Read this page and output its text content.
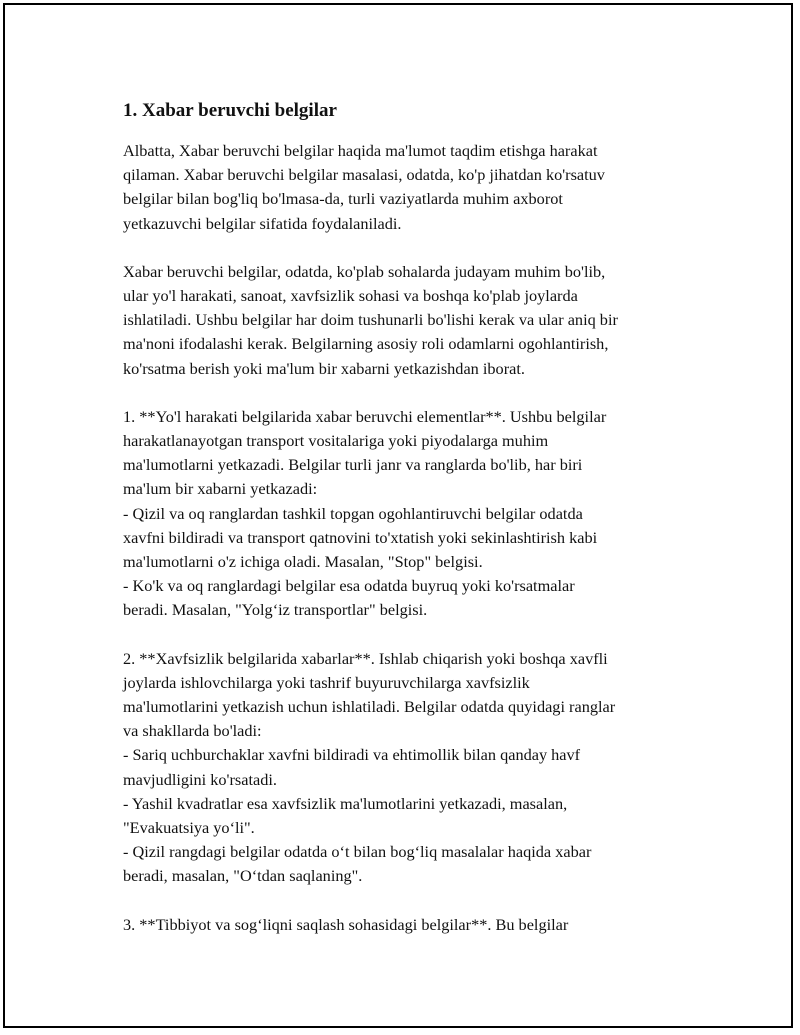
1. Xabar beruvchi belgilar

Albatta, Xabar beruvchi belgilar haqida ma'lumot taqdim etishga harakat
qilaman. Xabar beruvchi belgilar masalasi, odatda, ko'p jihatdan ko'rsatuv
belgilar bilan bog'liq bo'lmasa-da, turli vaziyatlarda muhim axborot
yetkazuvchi belgilar sifatida foydalaniladi.

Xabar beruvchi belgilar, odatda, ko'plab sohalarda judayam muhim bo'lib,
ular yo'l harakati, sanoat, xavfsizlik sohasi va boshqa ko'plab joylarda
ishlatiladi. Ushbu belgilar har doim tushunarli bo'lishi kerak va ular aniq bir
ma'noni ifodalashi kerak. Belgilarning asosiy roli odamlarni ogohlantirish,
ko'rsatma berish yoki ma'lum bir xabarni yetkazishdan iborat.

1. **Yo'l harakati belgilarida xabar beruvchi elementlar**. Ushbu belgilar
harakatlanayotgan transport vositalariga yoki piyodalarga muhim
ma'lumotlarni yetkazadi. Belgilar turli janr va ranglarda bo'lib, har biri
ma'lum bir xabarni yetkazadi:
- Qizil va oq ranglardan tashkil topgan ogohlantiruvchi belgilar odatda
xavfni bildiradi va transport qatnovini to'xtatish yoki sekinlashtirish kabi
ma'lumotlarni o'z ichiga oladi. Masalan, "Stop" belgisi.
- Ko'k va oq ranglardagi belgilar esa odatda buyruq yoki ko'rsatmalar
beradi. Masalan, "Yolg‘iz transportlar" belgisi.

2. **Xavfsizlik belgilarida xabarlar**. Ishlab chiqarish yoki boshqa xavfli
joylarda ishlovchilarga yoki tashrif buyuruvchilarga xavfsizlik
ma'lumotlarini yetkazish uchun ishlatiladi. Belgilar odatda quyidagi ranglar
va shakllarda bo'ladi:
- Sariq uchburchaklar xavfni bildiradi va ehtimollik bilan qanday havf
mavjudligini ko'rsatadi.
- Yashil kvadratlar esa xavfsizlik ma'lumotlarini yetkazadi, masalan,
"Evakuatsiya yo‘li".
- Qizil rangdagi belgilar odatda o‘t bilan bog‘liq masalalar haqida xabar
beradi, masalan, "O‘tdan saqlaning".

3. **Tibbiyot va sog‘liqni saqlash sohasidagi belgilar**. Bu belgilar
